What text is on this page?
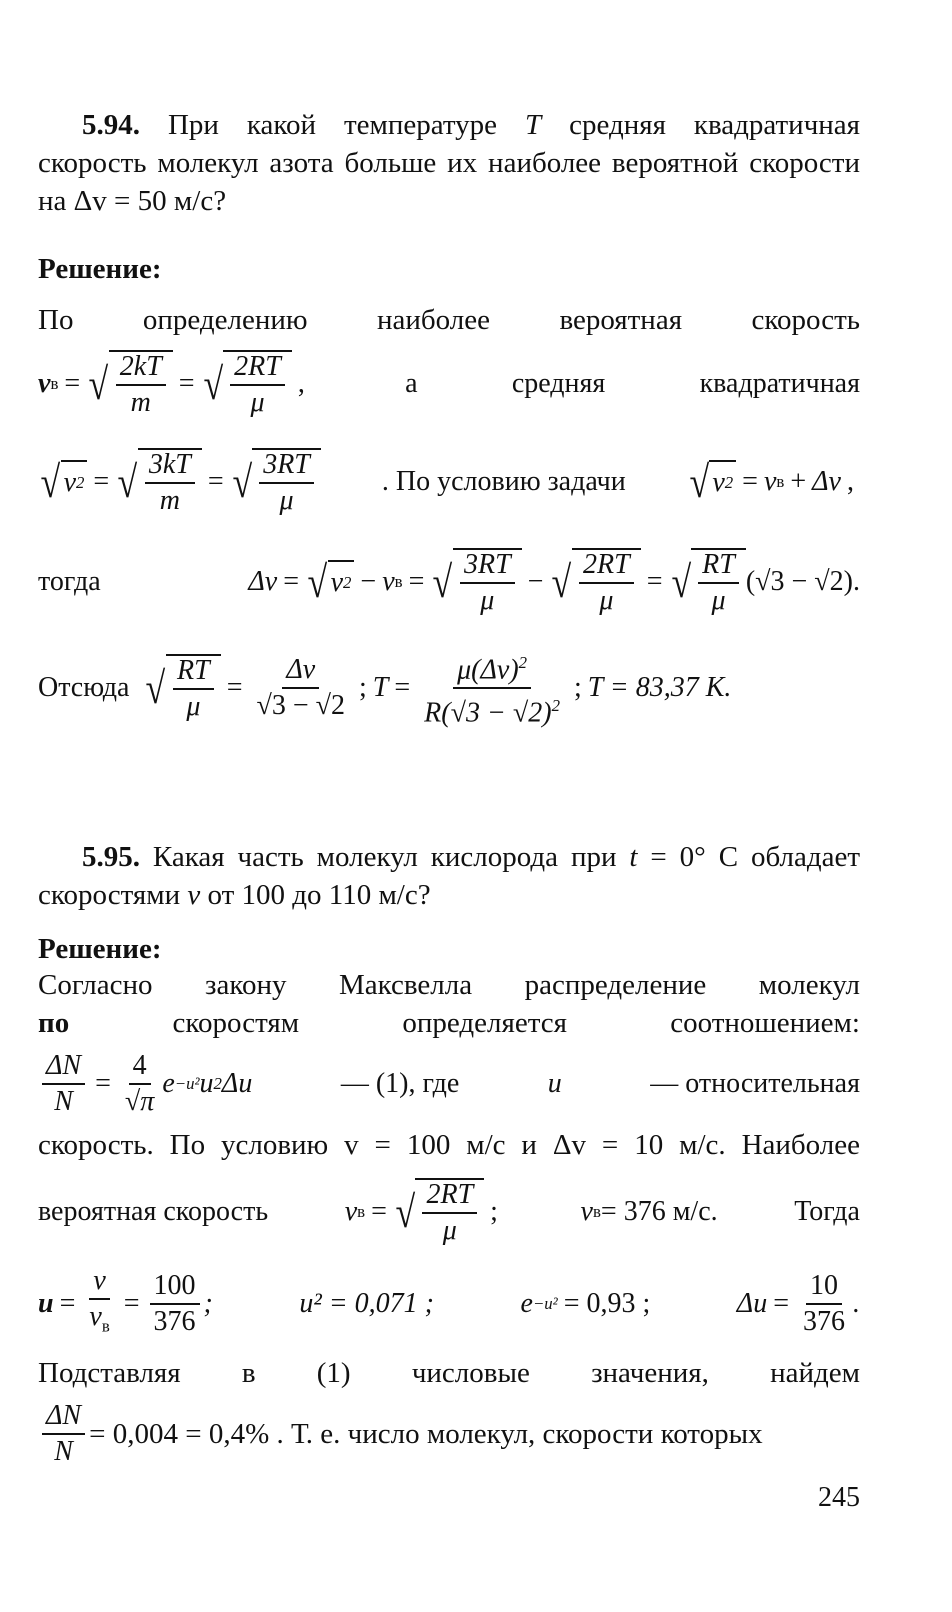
5.94. При какой температуре T средняя квадратичная
скорость молекул азота больше их наиболее вероятной скорости
на Δv = 50 м/с?
Решение:
По определению наиболее вероятная скорость
v в = √ $\frac{2kT}{m}$ = √ $\frac{2RT}{\mu}$ ,	а	средняя	квадратичная
√ v 2 = √ $\frac{3kT}{m}$ = √ $\frac{3RT}{\mu}$ . По условию задачи √ v 2 = v в + Δv ,
тогда	Δv = √ v 2 − v в = √ $\frac{3RT}{\mu}$ − √ $\frac{2RT}{\mu}$ = √ $\frac{RT}{\mu} (√3 - √2)$.
Отсюда √ $\frac{RT}{\mu} = \frac{\Delta v}{√3 - √2}$ ; $T = \frac{\mu(\Delta v)^2}{R(√3 - √2)^2}$ ; T = 83,37 K.
5.95. Какая часть молекул кислорода при t = 0° C обладает
скоростями v от 100 до 110 м/с?
Решение:
Согласно закону Максвелла распределение молекул
по	скоростям	определяется	соотношением:
$\frac{\Delta N}{N} = \frac{4}{√\pi}$ e −u² u 2 Δu	— (1), где	u	— относительная
скорость. По условию v = 100 м/с и Δv = 10 м/с. Наиболее
вероятная скорость	v в = √ $\frac{2RT}{\mu}$ ;	v в = 376 м/с.	Тогда
$u = \frac{v}{v_в} = \frac{100}{376}$ ;	u² = 0,071 ;	e −u² = 0,93 ;	$\Delta u = \frac{10}{376}$ .
Подставляя в (1) числовые значения, найдем
$\frac{\Delta N}{N} = 0,004 = 0,4\%$ . Т. е. число молекул, скорости которых
245
